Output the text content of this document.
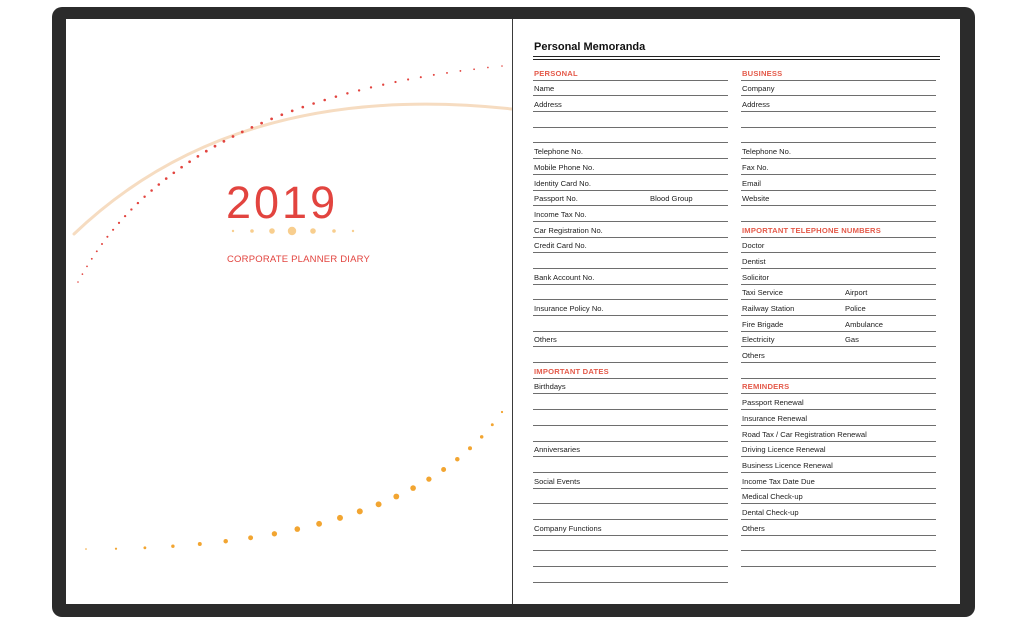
2019
CORPORATE PLANNER DIARY
Personal Memoranda
PERSONAL
Name
Address
Telephone No.
Mobile Phone No.
Identity Card No.
Passport No.	Blood Group
Income Tax No.
Car Registration No.
Credit Card No.
Bank Account No.
Insurance Policy No.
Others
IMPORTANT DATES
Birthdays
Anniversaries
Social Events
Company Functions
BUSINESS
Company
Address
Telephone No.
Fax No.
Email
Website
IMPORTANT TELEPHONE NUMBERS
Doctor
Dentist
Solicitor
Taxi Service	Airport
Railway Station	Police
Fire Brigade	Ambulance
Electricity	Gas
Others
REMINDERS
Passport Renewal
Insurance Renewal
Road Tax / Car Registration Renewal
Driving Licence Renewal
Business Licence Renewal
Income Tax Date Due
Medical Check-up
Dental Check-up
Others
